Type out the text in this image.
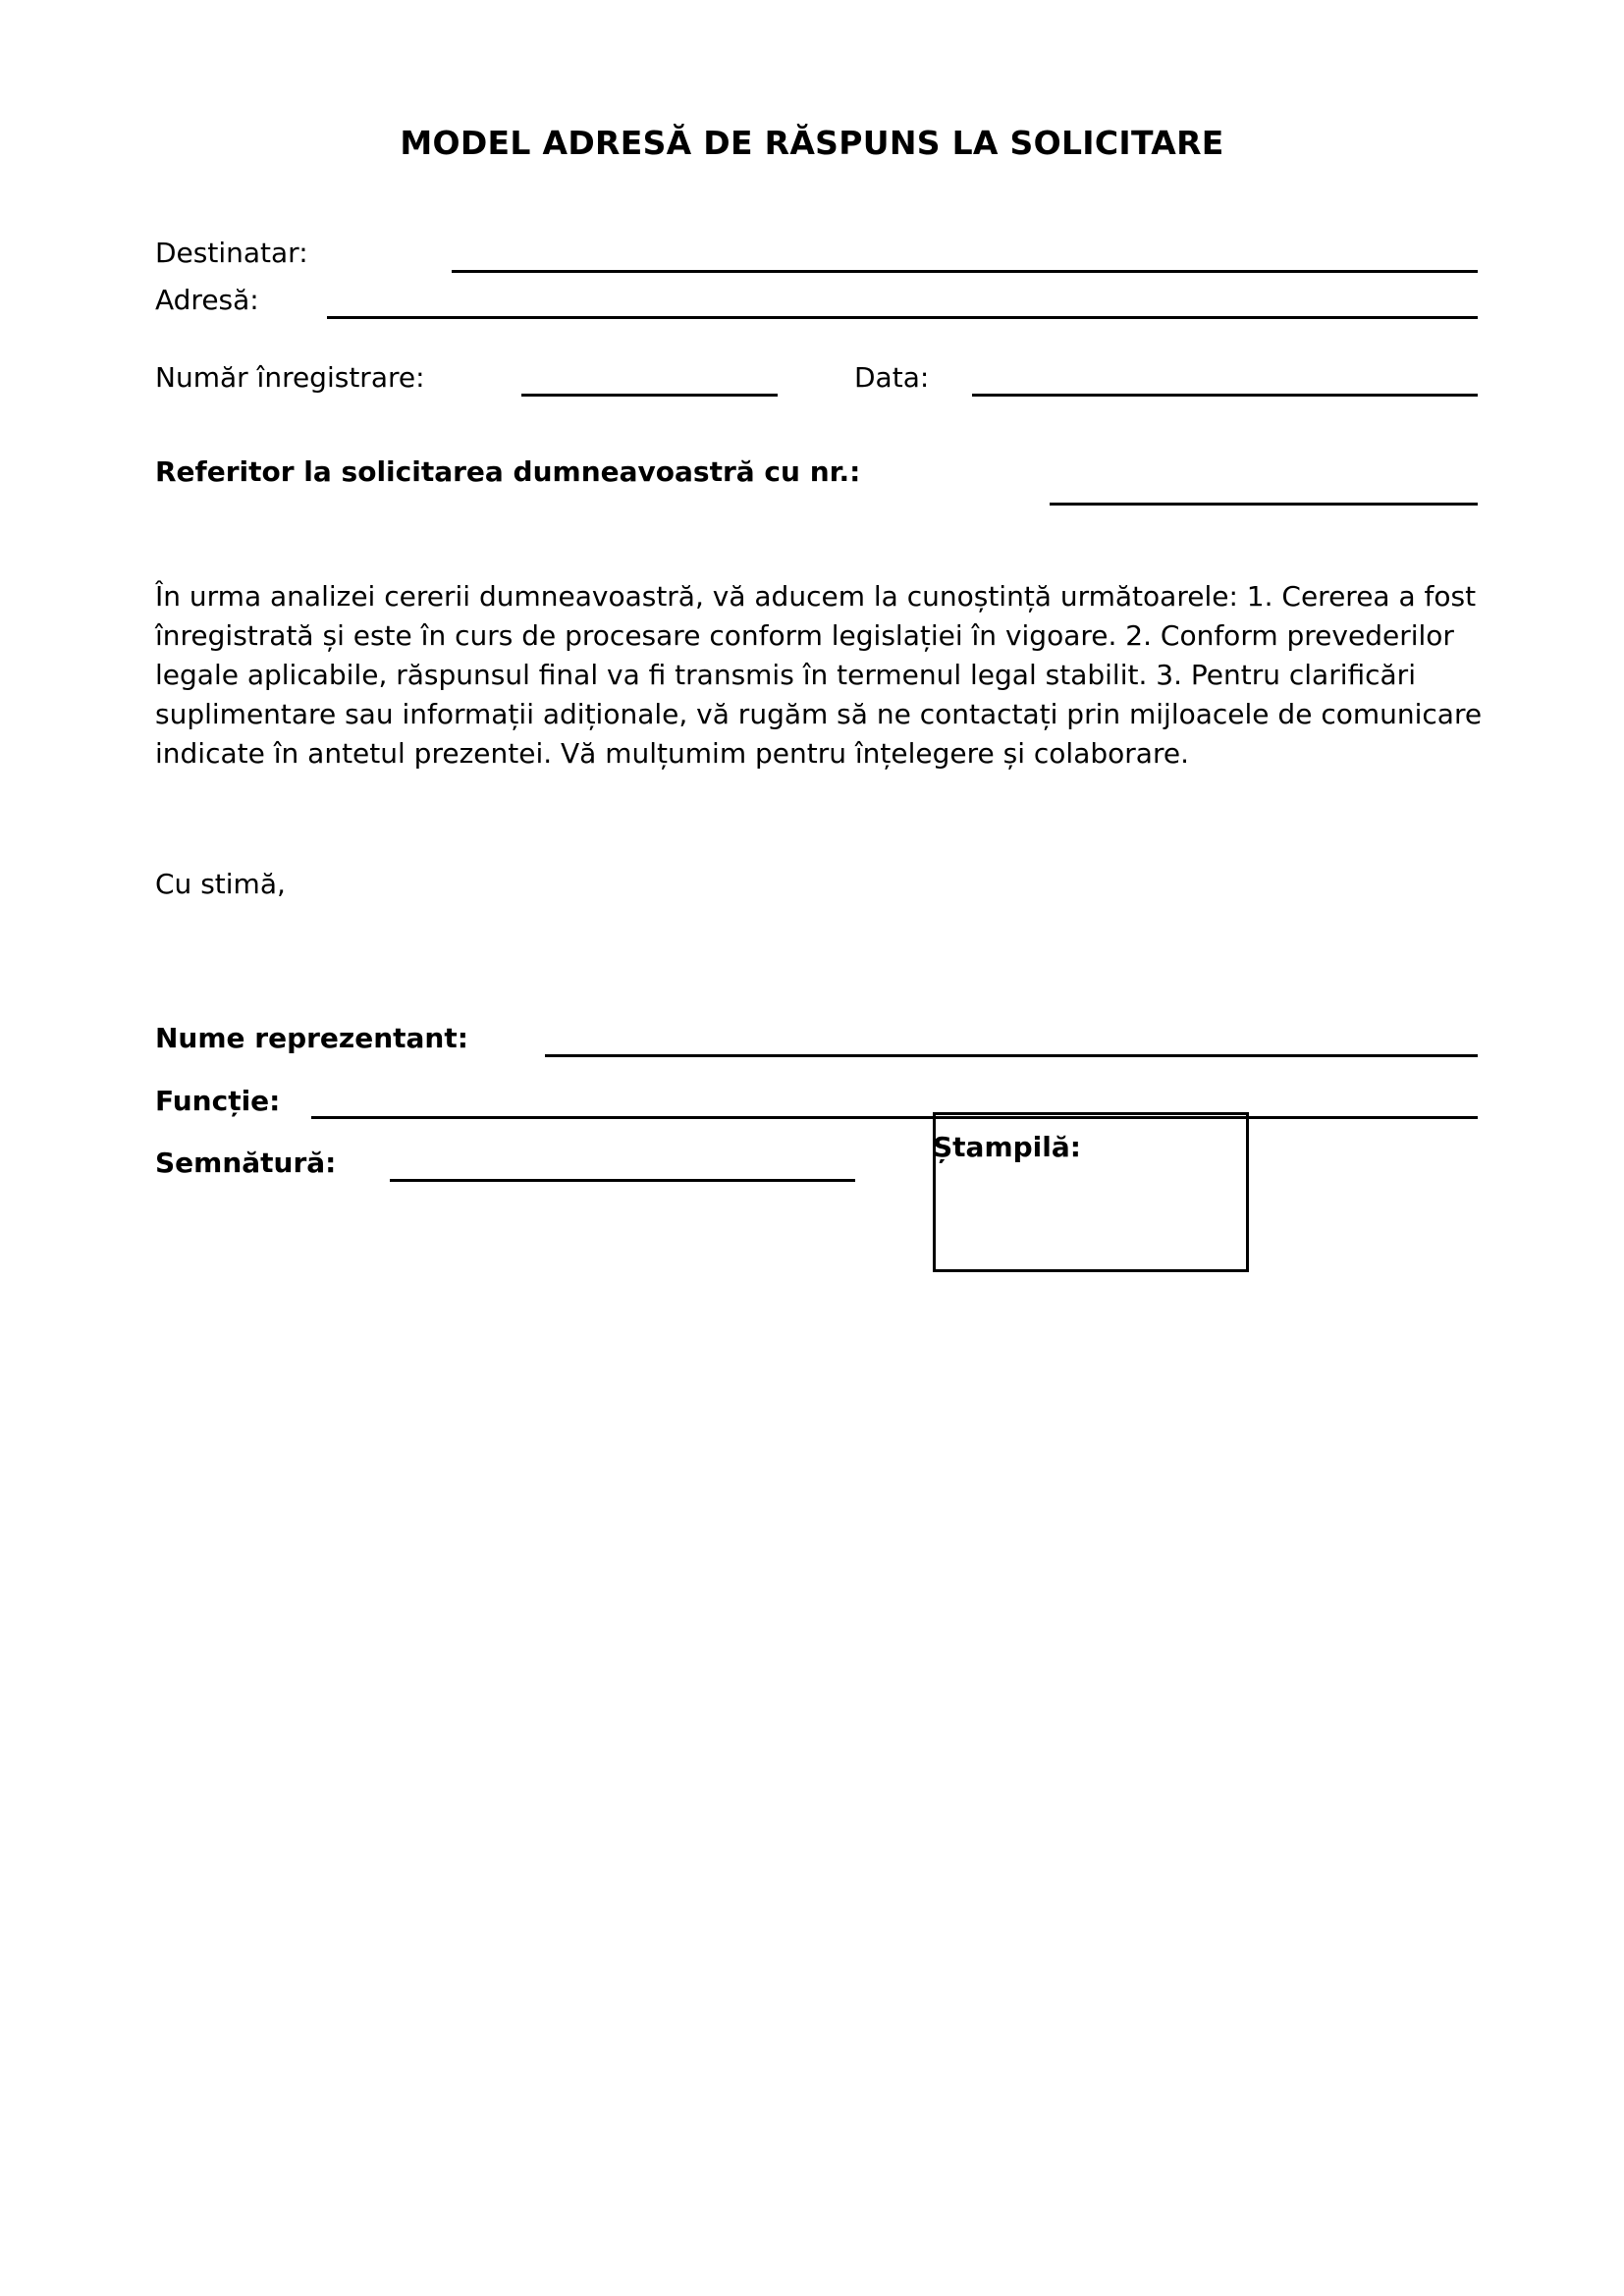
MODEL ADRESĂ DE RĂSPUNS LA SOLICITARE
Destinatar:
Adresă:
Număr înregistrare:	Data:
Referitor la solicitarea dumneavoastră cu nr.:
În urma analizei cererii dumneavoastră, vă aducem la cunoștință următoarele: 1. Cererea a fost înregistrată și este în curs de procesare conform legislației în vigoare. 2. Conform prevederilor legale aplicabile, răspunsul final va fi transmis în termenul legal stabilit. 3. Pentru clarificări suplimentare sau informații adiționale, vă rugăm să ne contactați prin mijloacele de comunicare indicate în antetul prezentei. Vă mulțumim pentru înțelegere și colaborare.
Cu stimă,
Nume reprezentant:
Funcție:
Semnătură:	Ștampilă:
